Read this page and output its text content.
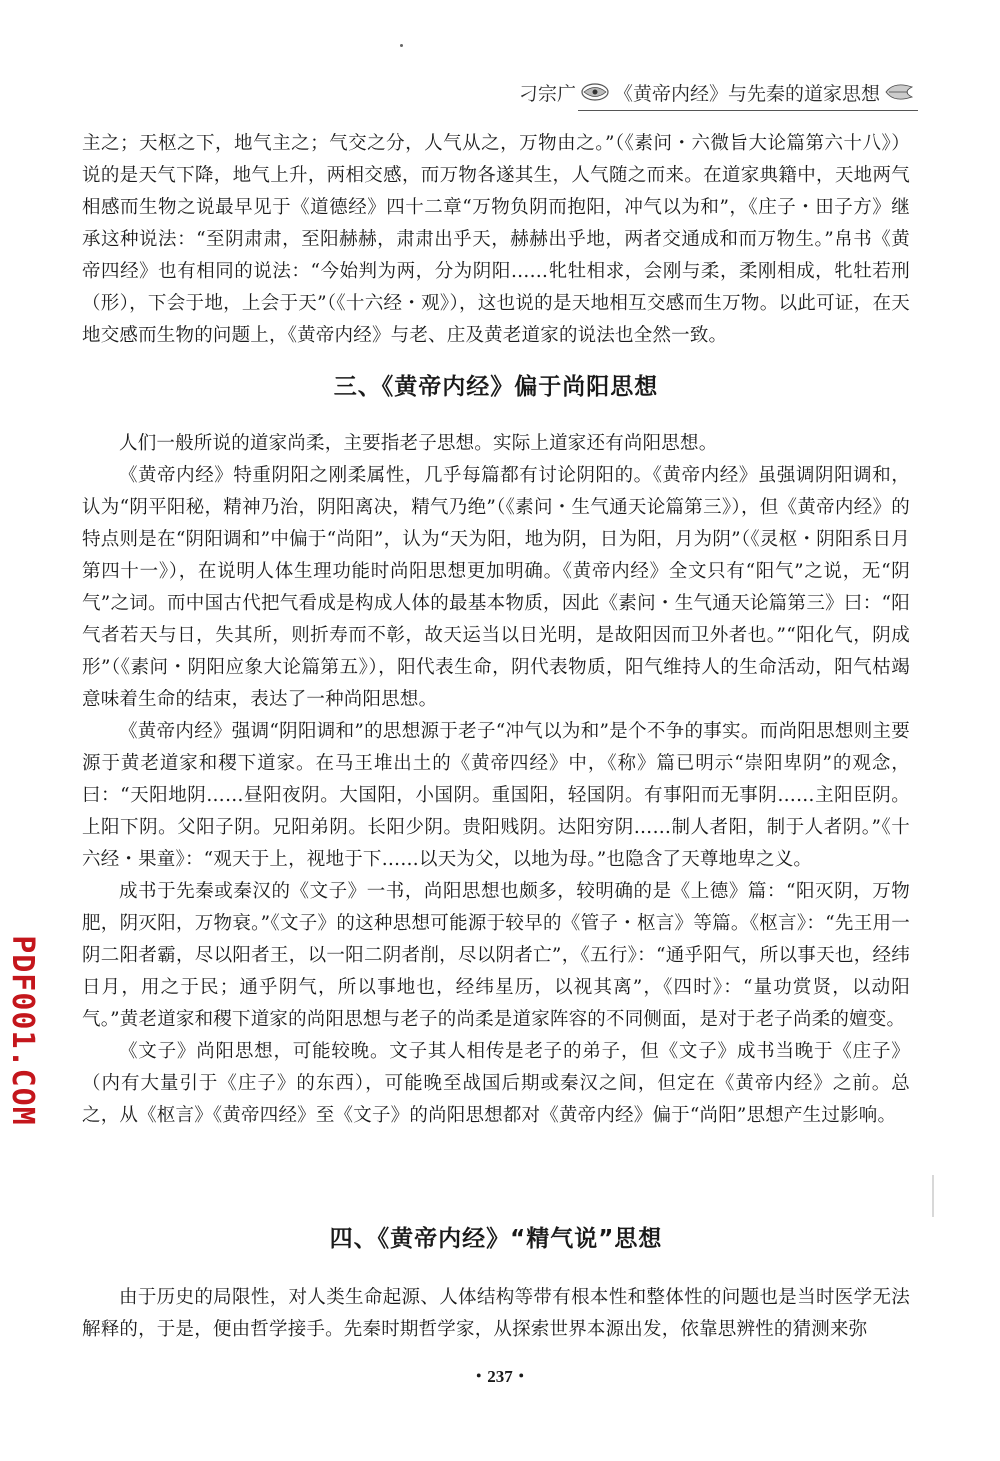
刁宗广 《黄帝内经》与先秦的道家思想

主之；天枢之下，地气主之；气交之分，人气从之，万物由之。”（《素问・六微旨大论篇第六十八》）说的是天气下降，地气上升，两相交感，而万物各遂其生，人气随之而来。在道家典籍中，天地两气相感而生物之说最早见于《道德经》四十二章“万物负阴而抱阳，冲气以为和”，《庄子・田子方》继承这种说法：“至阴肃肃，至阳赫赫，肃肃出乎天，赫赫出乎地，两者交通成和而万物生。”帛书《黄帝四经》也有相同的说法：“今始判为两，分为阴阳……牝牡相求，会刚与柔，柔刚相成，牝牡若刑（形），下会于地，上会于天”（《十六经・观》），这也说的是天地相互交感而生万物。以此可证，在天地交感而生物的问题上，《黄帝内经》与老、庄及黄老道家的说法也全然一致。

三、《黄帝内经》偏于尚阳思想

人们一般所说的道家尚柔，主要指老子思想。实际上道家还有尚阳思想。

《黄帝内经》特重阴阳之刚柔属性，几乎每篇都有讨论阴阳的。《黄帝内经》虽强调阴阳调和，认为“阴平阳秘，精神乃治，阴阳离决，精气乃绝”（《素问・生气通天论篇第三》），但《黄帝内经》的特点则是在“阴阳调和”中偏于“尚阳”，认为“天为阳，地为阴，日为阳，月为阴”（《灵枢・阴阳系日月第四十一》），在说明人体生理功能时尚阳思想更加明确。《黄帝内经》全文只有“阳气”之说，无“阴气”之词。而中国古代把气看成是构成人体的最基本物质，因此《素问・生气通天论篇第三》曰：“阳气者若天与日，失其所，则折寿而不彰，故天运当以日光明，是故阳因而卫外者也。”“阳化气，阴成形”（《素问・阴阳应象大论篇第五》），阳代表生命，阴代表物质，阳气维持人的生命活动，阳气枯竭意味着生命的结束，表达了一种尚阳思想。

《黄帝内经》强调“阴阳调和”的思想源于老子“冲气以为和”是个不争的事实。而尚阳思想则主要源于黄老道家和稷下道家。在马王堆出土的《黄帝四经》中，《称》篇已明示“崇阳卑阴”的观念，曰：“天阳地阴……昼阳夜阴。大国阳，小国阴。重国阳，轻国阴。有事阳而无事阴……主阳臣阴。上阳下阴。父阳子阴。兄阳弟阴。长阳少阴。贵阳贱阴。达阳穷阴……制人者阳，制于人者阴。”《十六经・果童》：“观天于上，视地于下……以天为父，以地为母。”也隐含了天尊地卑之义。

成书于先秦或秦汉的《文子》一书，尚阳思想也颇多，较明确的是《上德》篇：“阳灭阴，万物肥，阴灭阳，万物衰。”《文子》的这种思想可能源于较早的《管子・枢言》等篇。《枢言》：“先王用一阴二阳者霸，尽以阳者王，以一阳二阴者削，尽以阴者亡”，《五行》：“通乎阳气，所以事天也，经纬日月，用之于民；通乎阴气，所以事地也，经纬星历，以视其离”，《四时》：“量功赏贤，以动阳气。”黄老道家和稷下道家的尚阳思想与老子的尚柔是道家阵容的不同侧面，是对于老子尚柔的嬗变。

《文子》尚阳思想，可能较晚。文子其人相传是老子的弟子，但《文子》成书当晚于《庄子》（内有大量引于《庄子》的东西），可能晚至战国后期或秦汉之间，但定在《黄帝内经》之前。总之，从《枢言》《黄帝四经》至《文子》的尚阳思想都对《黄帝内经》偏于“尚阳”思想产生过影响。

四、《黄帝内经》“精气说”思想

由于历史的局限性，对人类生命起源、人体结构等带有根本性和整体性的问题也是当时医学无法解释的，于是，便由哲学接手。先秦时期哲学家，从探索世界本源出发，依靠思辨性的猜测来弥

PDF001.COM
・237・
